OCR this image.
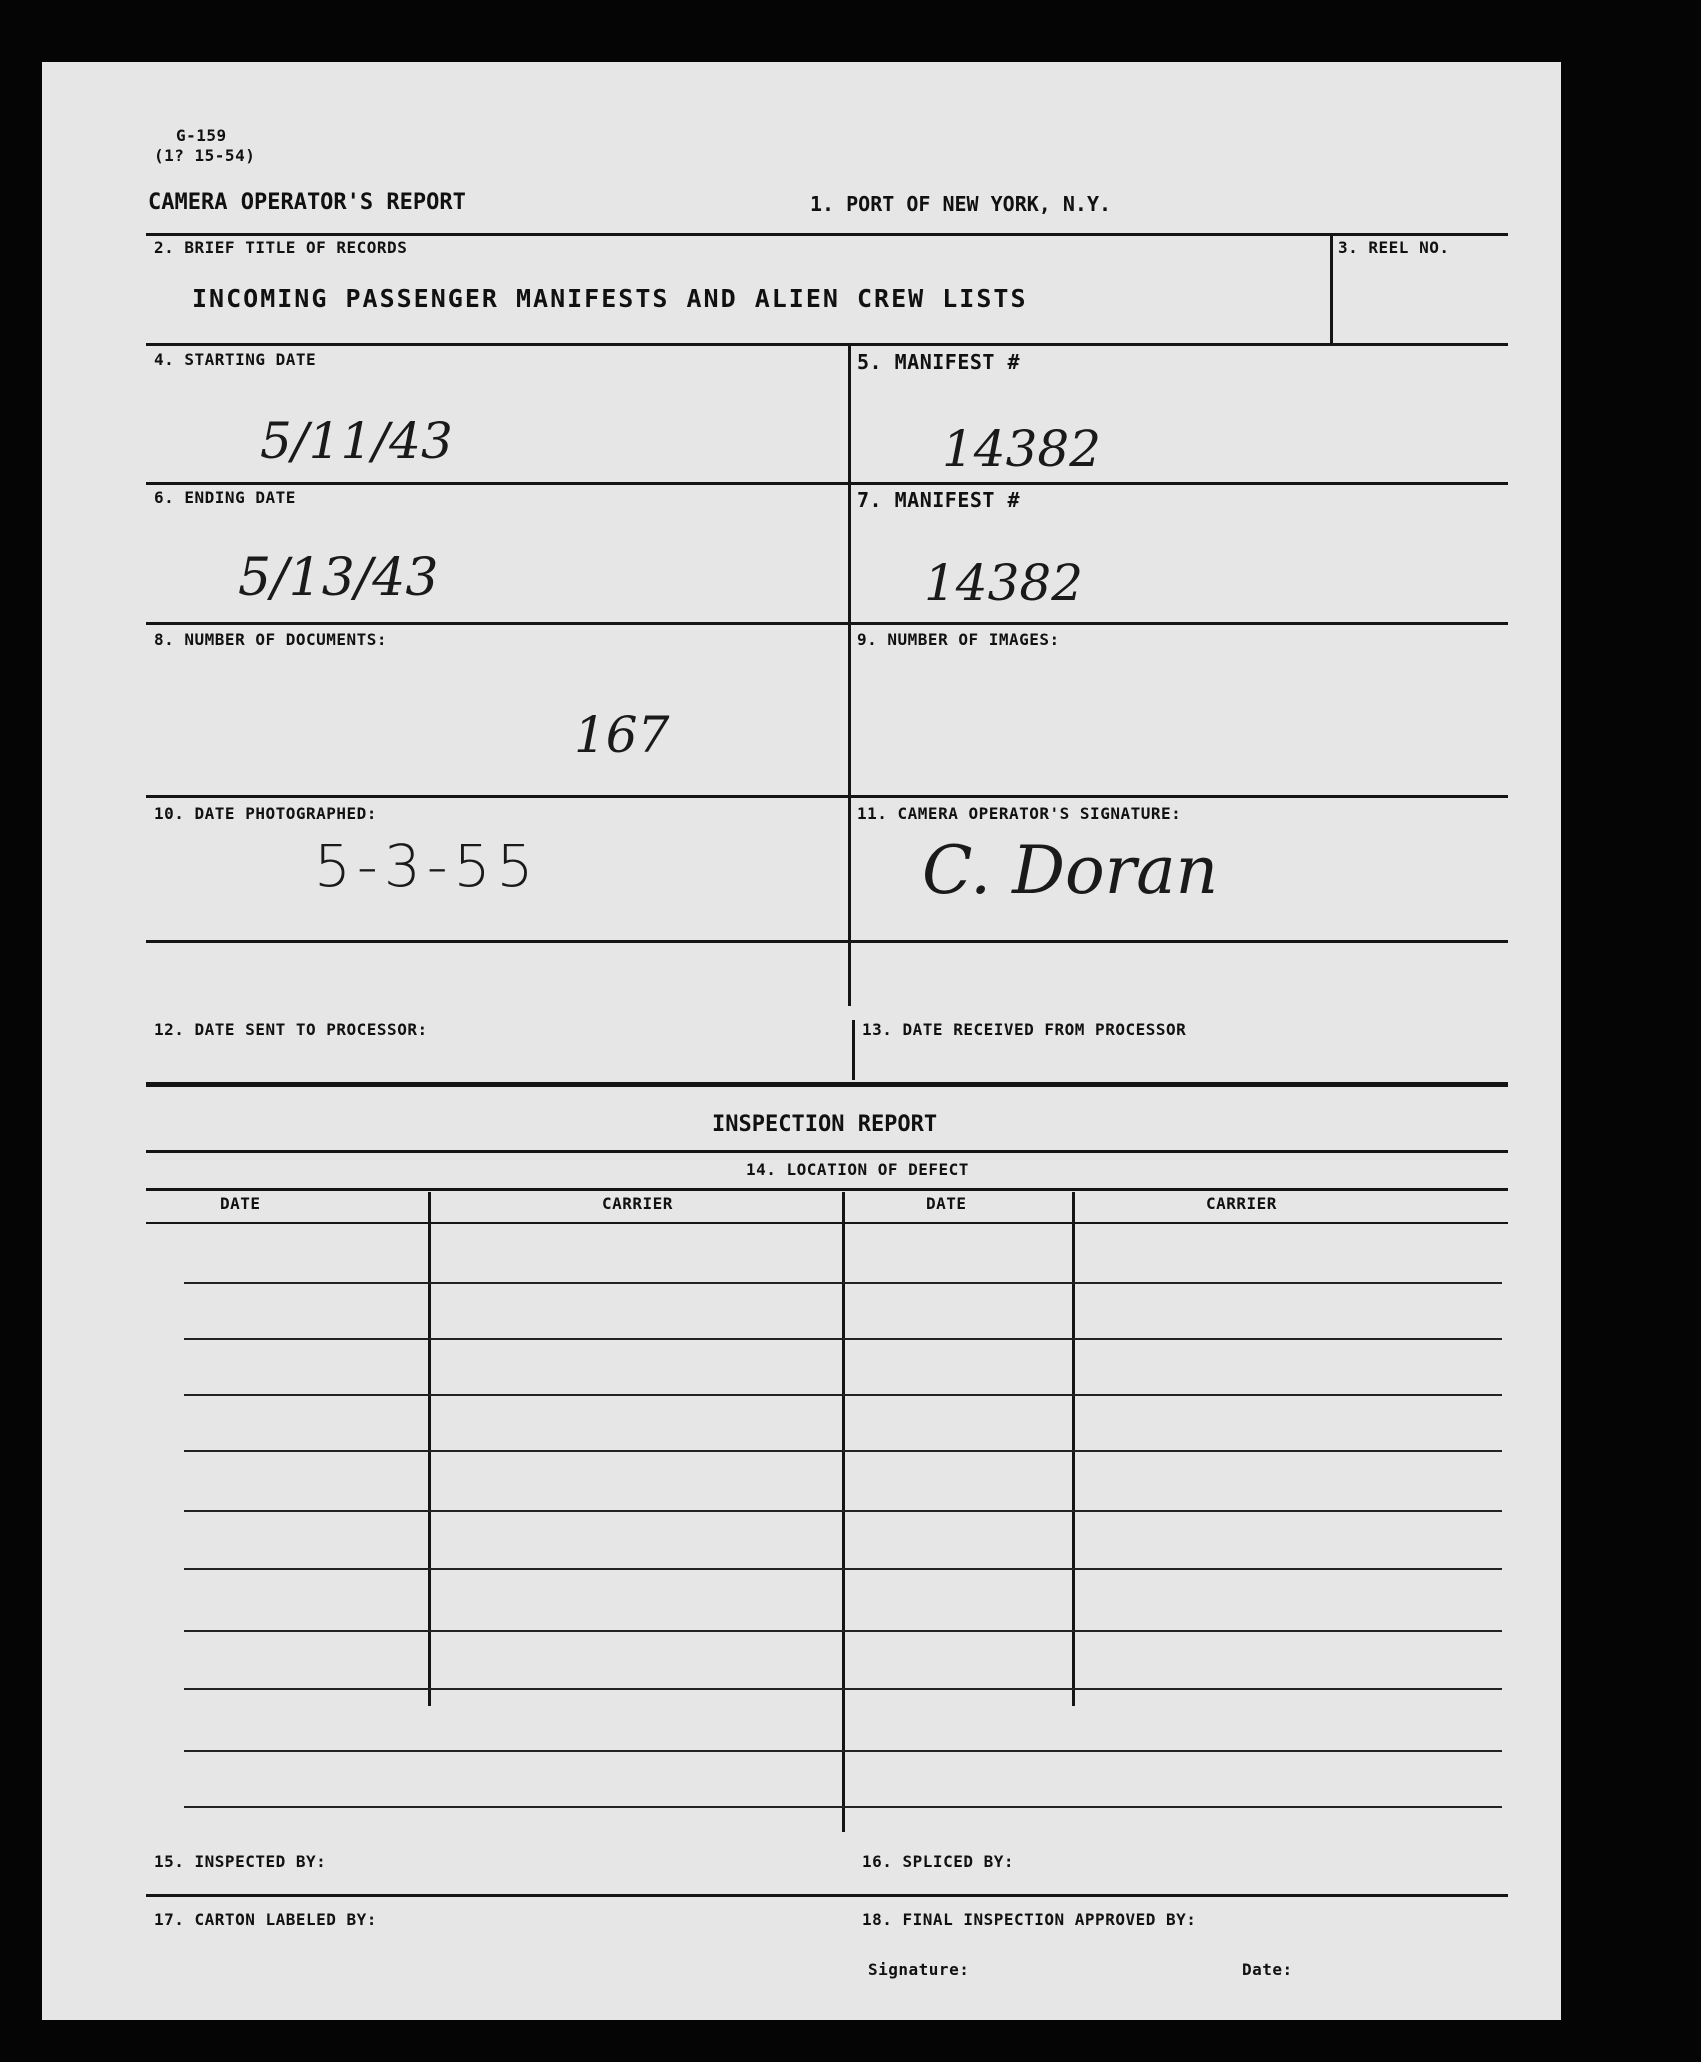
G-159
(1? 15-54)
CAMERA OPERATOR'S REPORT	1. PORT OF NEW YORK, N.Y.
2. BRIEF TITLE OF RECORDS
INCOMING PASSENGER MANIFESTS AND ALIEN CREW LISTS
3. REEL NO.
4. STARTING DATE
5/11/43
5. MANIFEST #
14382
6. ENDING DATE
5/13/43
7. MANIFEST #
14382
8. NUMBER OF DOCUMENTS:
167
9. NUMBER OF IMAGES:
10. DATE PHOTOGRAPHED:
5-3-55
11. CAMERA OPERATOR'S SIGNATURE:
C. Doran
12. DATE SENT TO PROCESSOR:	13. DATE RECEIVED FROM PROCESSOR
INSPECTION REPORT
14. LOCATION OF DEFECT
DATE	CARRIER	DATE	CARRIER
15. INSPECTED BY:	16. SPLICED BY:
17. CARTON LABELED BY:	18. FINAL INSPECTION APPROVED BY:
Signature:	Date:
